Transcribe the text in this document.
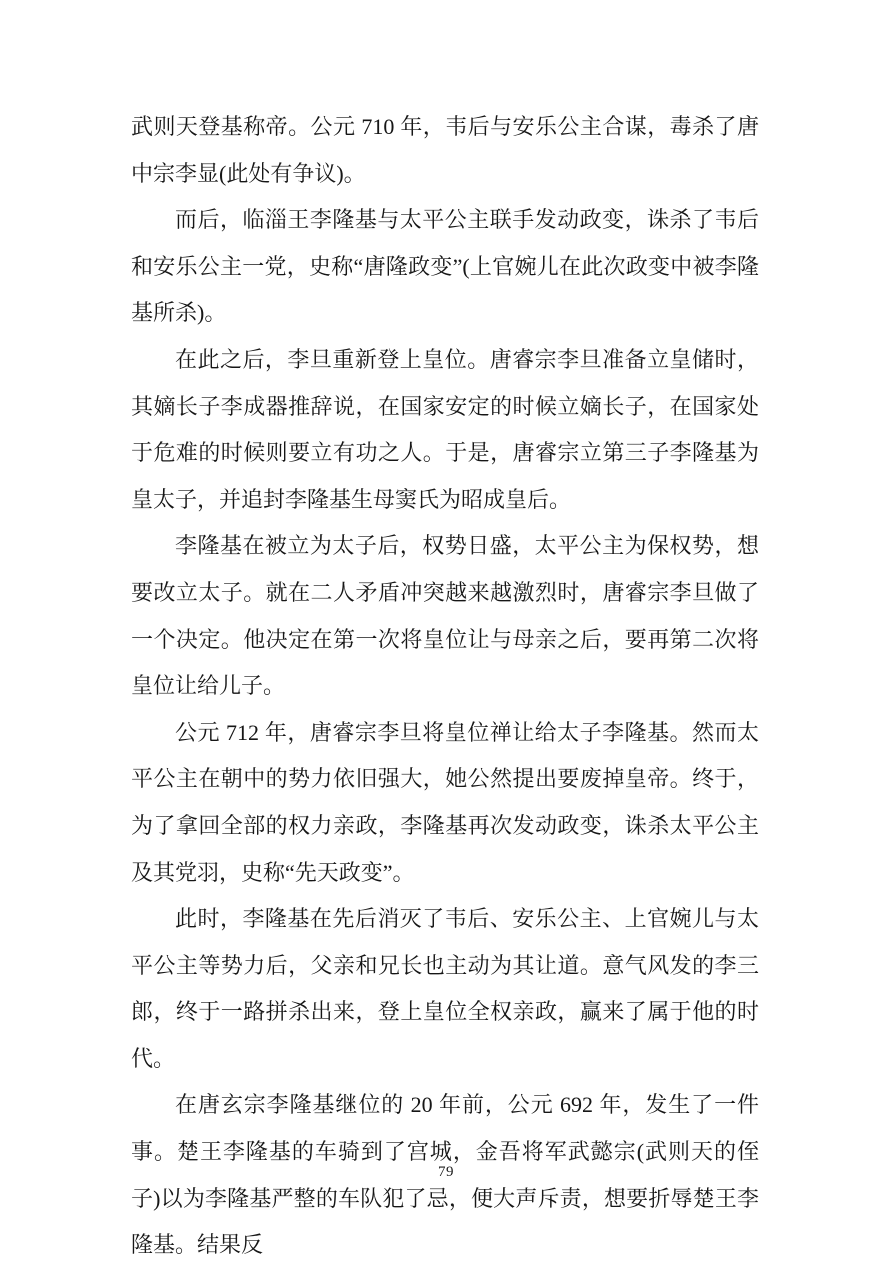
武则天登基称帝。公元 710 年，韦后与安乐公主合谋，毒杀了唐中宗李显(此处有争议)。

而后，临淄王李隆基与太平公主联手发动政变，诛杀了韦后和安乐公主一党，史称“唐隆政变”(上官婉儿在此次政变中被李隆基所杀)。

在此之后，李旦重新登上皇位。唐睿宗李旦准备立皇储时，其嫡长子李成器推辞说，在国家安定的时候立嫡长子，在国家处于危难的时候则要立有功之人。于是，唐睿宗立第三子李隆基为皇太子，并追封李隆基生母窦氏为昭成皇后。

李隆基在被立为太子后，权势日盛，太平公主为保权势，想要改立太子。就在二人矛盾冲突越来越激烈时，唐睿宗李旦做了一个决定。他决定在第一次将皇位让与母亲之后，要再第二次将皇位让给儿子。

公元 712 年，唐睿宗李旦将皇位禅让给太子李隆基。然而太平公主在朝中的势力依旧强大，她公然提出要废掉皇帝。终于，为了拿回全部的权力亲政，李隆基再次发动政变，诛杀太平公主及其党羽，史称“先天政变”。

此时，李隆基在先后消灭了韦后、安乐公主、上官婉儿与太平公主等势力后，父亲和兄长也主动为其让道。意气风发的李三郎，终于一路拼杀出来，登上皇位全权亲政，赢来了属于他的时代。

在唐玄宗李隆基继位的 20 年前，公元 692 年，发生了一件事。楚王李隆基的车骑到了宫城，金吾将军武懿宗(武则天的侄子)以为李隆基严整的车队犯了忌，便大声斥责，想要折辱楚王李隆基。结果反

79
